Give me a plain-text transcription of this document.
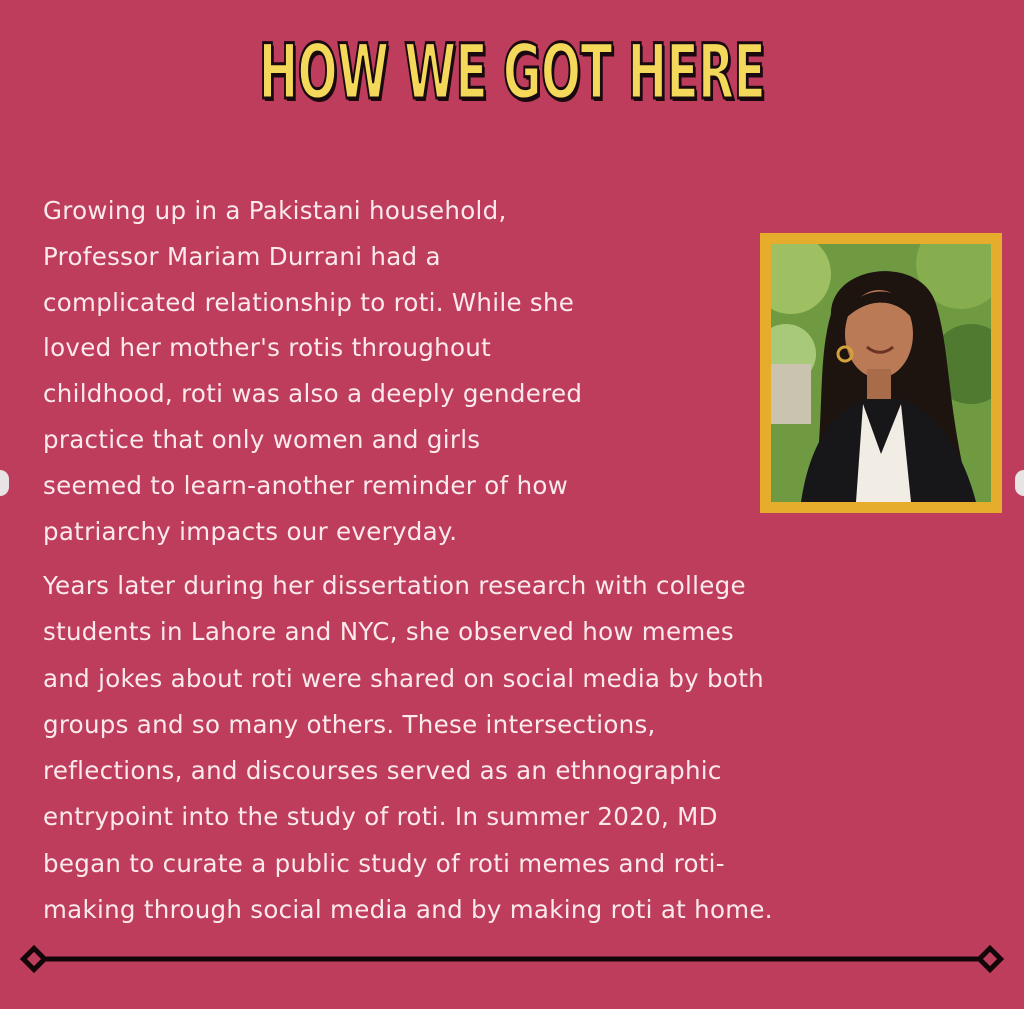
HOW WE GOT HERE

Growing up in a Pakistani household,
Professor Mariam Durrani had a
complicated relationship to roti. While she
loved her mother's rotis throughout
childhood, roti was also a deeply gendered
practice that only women and girls
seemed to learn-another reminder of how
patriarchy impacts our everyday.

Years later during her dissertation research with college
students in Lahore and NYC, she observed how memes
and jokes about roti were shared on social media by both
groups and so many others. These intersections,
reflections, and discourses served as an ethnographic
entrypoint into the study of roti. In summer 2020, MD
began to curate a public study of roti memes and roti-
making through social media and by making roti at home.
